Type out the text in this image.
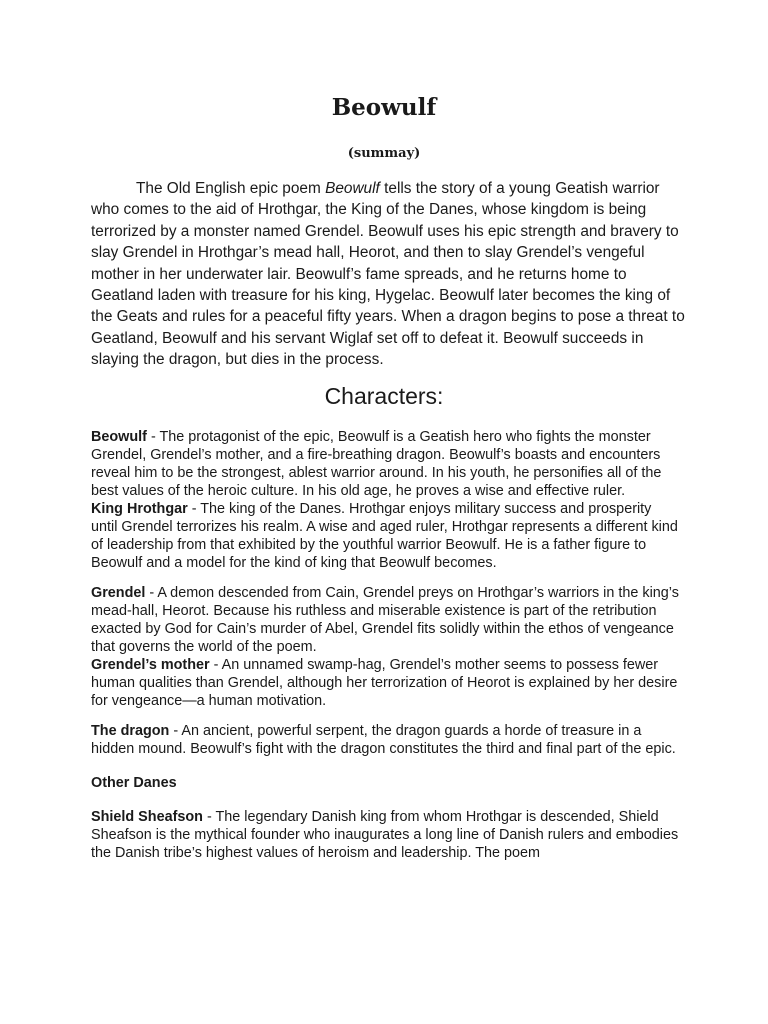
Beowulf
(summay)

The Old English epic poem Beowulf tells the story of a young Geatish warrior who comes to the aid of Hrothgar, the King of the Danes, whose kingdom is being terrorized by a monster named Grendel. Beowulf uses his epic strength and bravery to slay Grendel in Hrothgar’s mead hall, Heorot, and then to slay Grendel’s vengeful mother in her underwater lair. Beowulf’s fame spreads, and he returns home to Geatland laden with treasure for his king, Hygelac. Beowulf later becomes the king of the Geats and rules for a peaceful fifty years. When a dragon begins to pose a threat to Geatland, Beowulf and his servant Wiglaf set off to defeat it. Beowulf succeeds in slaying the dragon, but dies in the process.

Characters:

Beowulf - The protagonist of the epic, Beowulf is a Geatish hero who fights the monster Grendel, Grendel’s mother, and a fire-breathing dragon. Beowulf’s boasts and encounters reveal him to be the strongest, ablest warrior around. In his youth, he personifies all of the best values of the heroic culture. In his old age, he proves a wise and effective ruler.

King Hrothgar - The king of the Danes. Hrothgar enjoys military success and prosperity until Grendel terrorizes his realm. A wise and aged ruler, Hrothgar represents a different kind of leadership from that exhibited by the youthful warrior Beowulf. He is a father figure to Beowulf and a model for the kind of king that Beowulf becomes.

Grendel - A demon descended from Cain, Grendel preys on Hrothgar’s warriors in the king’s mead-hall, Heorot. Because his ruthless and miserable existence is part of the retribution exacted by God for Cain’s murder of Abel, Grendel fits solidly within the ethos of vengeance that governs the world of the poem.

Grendel’s mother - An unnamed swamp-hag, Grendel’s mother seems to possess fewer human qualities than Grendel, although her terrorization of Heorot is explained by her desire for vengeance—a human motivation.

The dragon - An ancient, powerful serpent, the dragon guards a horde of treasure in a hidden mound. Beowulf’s fight with the dragon constitutes the third and final part of the epic.

Other Danes

Shield Sheafson - The legendary Danish king from whom Hrothgar is descended, Shield Sheafson is the mythical founder who inaugurates a long line of Danish rulers and embodies the Danish tribe’s highest values of heroism and leadership. The poem
